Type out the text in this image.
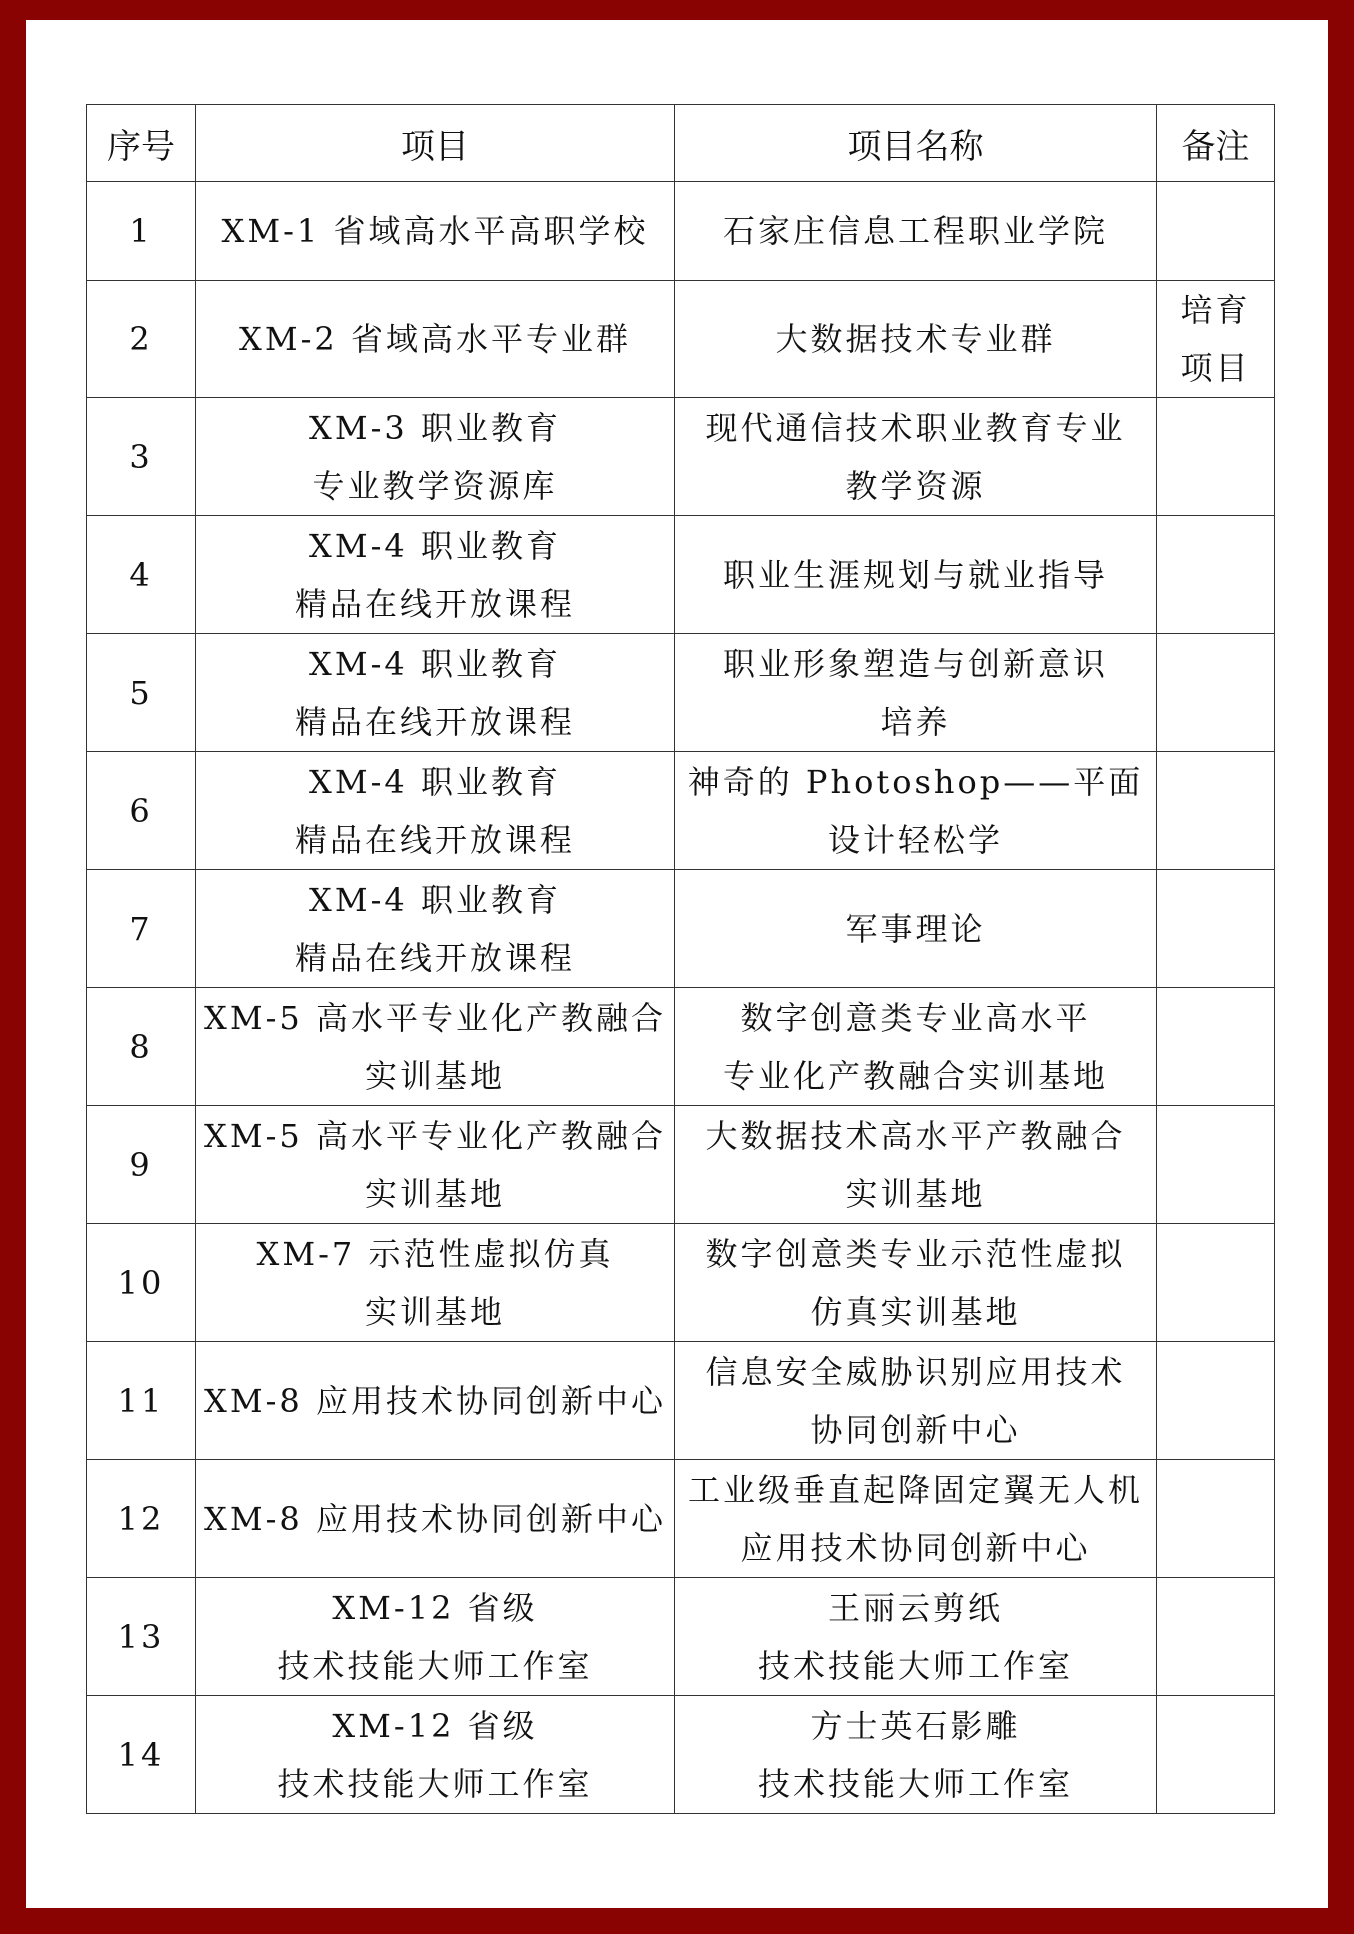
序号	项目	项目名称	备注
1	XM-1 省域高水平高职学校	石家庄信息工程职业学院	

2	XM-2 省域高水平专业群	大数据技术专业群	培育
项目

3	XM-3 职业教育
专业教学资源库	现代通信技术职业教育专业
教学资源	

4	XM-4 职业教育
精品在线开放课程	职业生涯规划与就业指导	

5	XM-4 职业教育
精品在线开放课程	职业形象塑造与创新意识
培养	

6	XM-4 职业教育
精品在线开放课程	神奇的 Photoshop——平面
设计轻松学	

7	XM-4 职业教育
精品在线开放课程	军事理论	

8	XM-5 高水平专业化产教融合
实训基地	数字创意类专业高水平
专业化产教融合实训基地	

9	XM-5 高水平专业化产教融合
实训基地	大数据技术高水平产教融合
实训基地	

10	XM-7 示范性虚拟仿真
实训基地	数字创意类专业示范性虚拟
仿真实训基地	

11	XM-8 应用技术协同创新中心	信息安全威胁识别应用技术
协同创新中心	

12	XM-8 应用技术协同创新中心	工业级垂直起降固定翼无人机
应用技术协同创新中心	

13	XM-12 省级
技术技能大师工作室	王丽云剪纸
技术技能大师工作室	

14	XM-12 省级
技术技能大师工作室	方士英石影雕
技术技能大师工作室	
